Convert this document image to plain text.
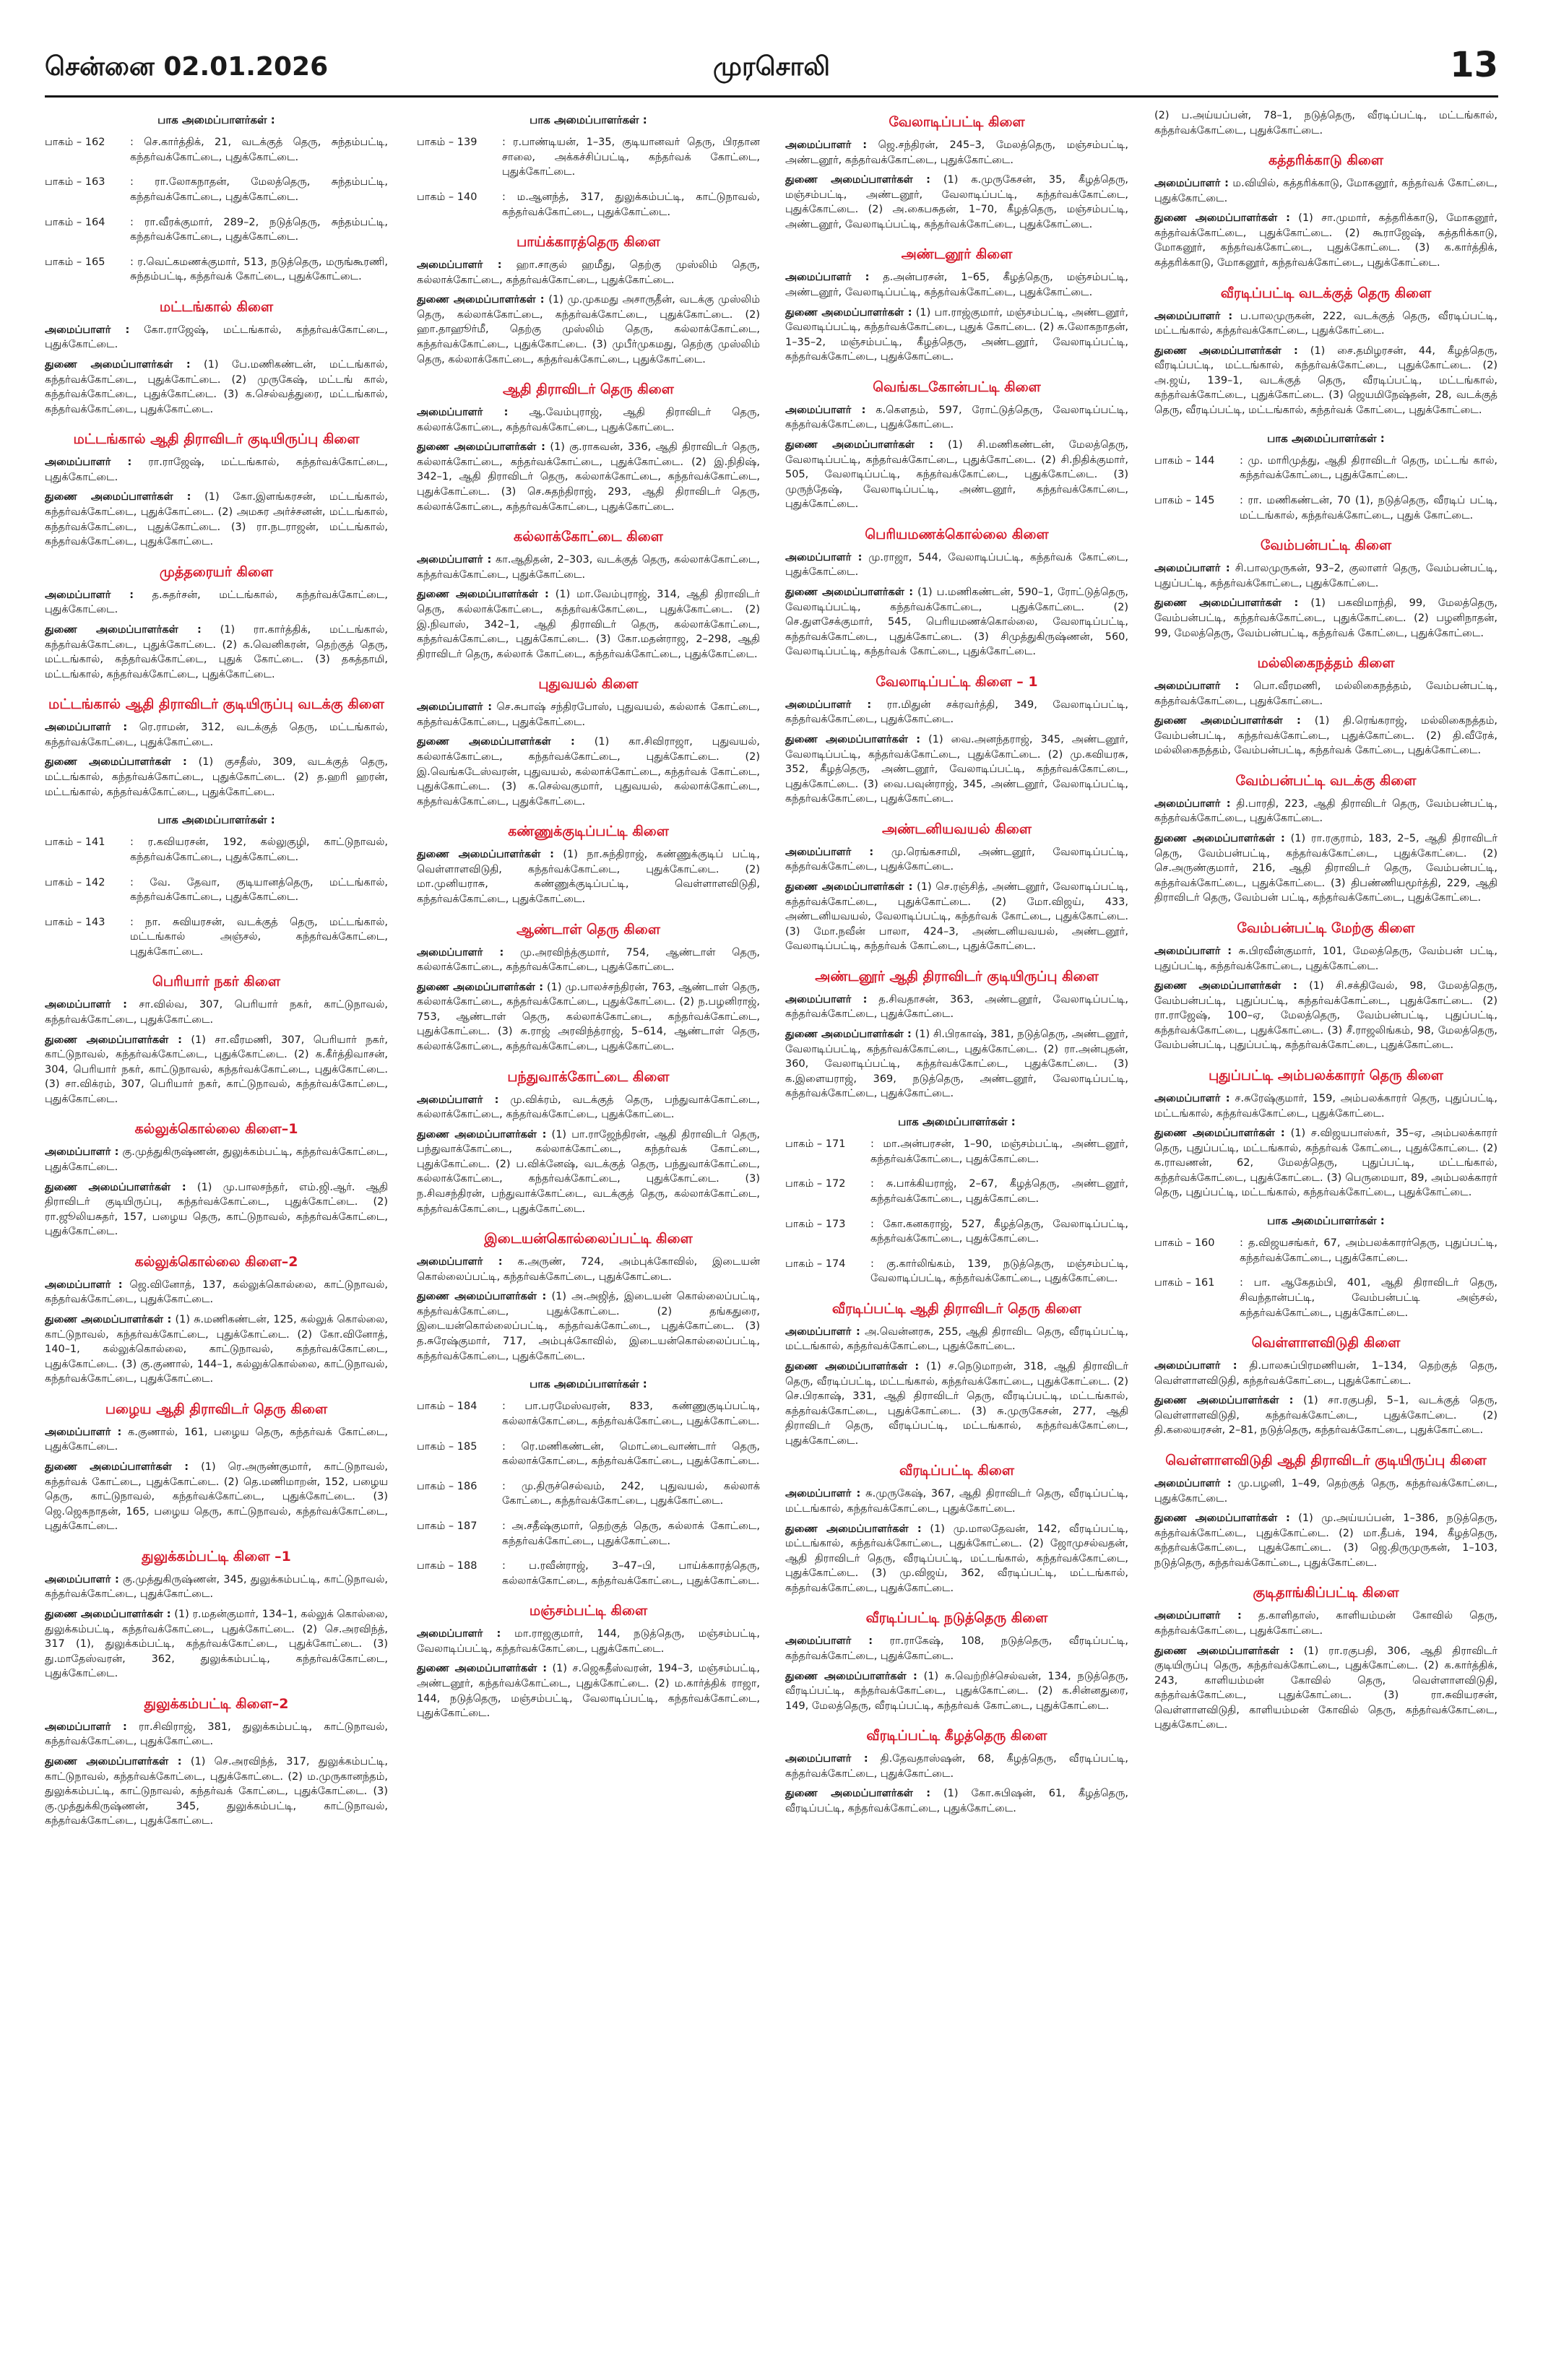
சென்னை 02.01.2026	முரசொலி	13
பாக அமைப்பாளர்கள் :
பாகம் – 162	: செ.கார்த்திக், 21, வடக்குத் தெரு, சுந்தம்பட்டி, கந்தர்வக்கோட்டை, புதுக்கோட்டை.
பாகம் – 163	: ரா.லோகநாதன், மேலத்தெரு, சுந்தம்பட்டி, கந்தர்வக்கோட்டை, புதுக்கோட்டை.
பாகம் – 164	: ரா.வீரக்குமார், 289–2, நடுத்தெரு, சுந்தம்பட்டி, கந்தர்வக்கோட்டை, புதுக்கோட்டை.
பாகம் – 165	: ர.வெட்கமணக்குமார், 513, நடுத்தெரு, மருங்கூரணி, சுந்தம்பட்டி, கந்தர்வக் கோட்டை, புதுக்கோட்டை.
மட்டங்கால் கிளை

அமைப்பாளர் : கோ.ராஜேஷ், மட்டங்கால், கந்தர்வக்கோட்டை, புதுக்கோட்டை.

துணை அமைப்பாளர்கள் : (1) பே.மணிகண்டன், மட்டங்கால், கந்தர்வக்கோட்டை, புதுக்கோட்டை. (2) முருகேஷ், மட்டங் கால், கந்தர்வக்கோட்டை, புதுக்கோட்டை. (3) க.செல்வத்துரை, மட்டங்கால், கந்தர்வக்கோட்டை, புதுக்கோட்டை.

மட்டங்கால் ஆதி திராவிடர் குடியிருப்பு கிளை

அமைப்பாளர் : ரா.ராஜேஷ், மட்டங்கால், கந்தர்வக்கோட்டை, புதுக்கோட்டை.

துணை அமைப்பாளர்கள் : (1) கோ.இளங்கரசன், மட்டங்கால், கந்தர்வக்கோட்டை, புதுக்கோட்டை. (2) அமசுர அர்ச்சனன், மட்டங்கால், கந்தர்வக்கோட்டை, புதுக்கோட்டை. (3) ரா.நடராஜன், மட்டங்கால், கந்தர்வக்கோட்டை, புதுக்கோட்டை.

முத்தரையர் கிளை

அமைப்பாளர் : த.சுதர்சன், மட்டங்கால், கந்தர்வக்கோட்டை, புதுக்கோட்டை.

துணை அமைப்பாளர்கள் : (1) ரா.கார்த்திக், மட்டங்கால், கந்தர்வக்கோட்டை, புதுக்கோட்டை. (2) க.வெனிகரன், தெற்குத் தெரு, மட்டங்கால், கந்தர்வக்கோட்டை, புதுக் கோட்டை. (3) தகத்தாமி, மட்டங்கால், கந்தர்வக்கோட்டை, புதுக்கோட்டை.

மட்டங்கால் ஆதி திராவிடர் குடியிருப்பு வடக்கு கிளை

அமைப்பாளர் : ரெ.ராமன், 312, வடக்குத் தெரு, மட்டங்கால், கந்தர்வக்கோட்டை, புதுக்கோட்டை.

துணை அமைப்பாளர்கள் : (1) குசதீஸ், 309, வடக்குத் தெரு, மட்டங்கால், கந்தர்வக்கோட்டை, புதுக்கோட்டை. (2) த.ஹரி ஹரன், மட்டங்கால், கந்தர்வக்கோட்டை, புதுக்கோட்டை.

பாக அமைப்பாளர்கள் :
பாகம் – 141	: ர.கவியரசன், 192, கல்லுகுழி, காட்டுநாவல், கந்தர்வக்கோட்டை, புதுக்கோட்டை.
பாகம் – 142	: வே. தேவா, குடியானத்தெரு, மட்டங்கால், கந்தர்வக்கோட்டை, புதுக்கோட்டை.
பாகம் – 143	: நா. சுவியரசன், வடக்குத் தெரு, மட்டங்கால், மட்டங்கால் அஞ்சல், கந்தர்வக்கோட்டை, புதுக்கோட்டை.
பெரியார் நகர் கிளை

அமைப்பாளர் : சா.வில்வ, 307, பெரியார் நகர், காட்டுநாவல், கந்தர்வக்கோட்டை, புதுக்கோட்டை.

துணை அமைப்பாளர்கள் : (1) சா.வீரமணி, 307, பெரியார் நகர், காட்டுநாவல், கந்தர்வக்கோட்டை, புதுக்கோட்டை. (2) க.கீர்த்திவாசன், 304, பெரியார் நகர், காட்டுநாவல், கந்தர்வக்கோட்டை, புதுக்கோட்டை. (3) சா.விக்ரம், 307, பெரியார் நகர், காட்டுநாவல், கந்தர்வக்கோட்டை, புதுக்கோட்டை.

கல்லுக்கொல்லை கிளை–1

அமைப்பாளர் : கு.முத்துகிருஷ்ணன், துலுக்கம்பட்டி, கந்தர்வக்கோட்டை, புதுக்கோட்டை.

துணை அமைப்பாளர்கள் : (1) மு.பாலசந்தர், எம்.ஜி.ஆர். ஆதி திராவிடர் குடியிருப்பு, கந்தர்வக்கோட்டை, புதுக்கோட்டை. (2) ரா.ஜூலியசுதர், 157, பழைய தெரு, காட்டுநாவல், கந்தர்வக்கோட்டை, புதுக்கோட்டை.

கல்லுக்கொல்லை கிளை–2

அமைப்பாளர் : ஜெ.வினோத், 137, கல்லுக்கொல்லை, காட்டுநாவல், கந்தர்வக்கோட்டை, புதுக்கோட்டை.

துணை அமைப்பாளர்கள் : (1) சு.மணிகண்டன், 125, கல்லுக் கொல்லை, காட்டுநாவல், கந்தர்வக்கோட்டை, புதுக்கோட்டை. (2) கோ.வினோத், 140–1, கல்லுக்கொல்லை, காட்டுநாவல், கந்தர்வக்கோட்டை, புதுக்கோட்டை. (3) கு.குணால், 144–1, கல்லுக்கொல்லை, காட்டுநாவல், கந்தர்வக்கோட்டை, புதுக்கோட்டை.

பழைய ஆதி திராவிடர் தெரு கிளை

அமைப்பாளர் : க.குணால், 161, பழைய தெரு, கந்தர்வக் கோட்டை, புதுக்கோட்டை.

துணை அமைப்பாளர்கள் : (1) ரெ.அருண்குமார், காட்டுநாவல், கந்தர்வக் கோட்டை, புதுக்கோட்டை. (2) தெ.மணிமாறன், 152, பழைய தெரு, காட்டுநாவல், கந்தர்வக்கோட்டை, புதுக்கோட்டை. (3) ஜெ.ஜெகநாதன், 165, பழைய தெரு, காட்டுநாவல், கந்தர்வக்கோட்டை, புதுக்கோட்டை.

துலுக்கம்பட்டி கிளை –1

அமைப்பாளர் : கு.முத்துகிருஷ்ணன், 345, துலுக்கம்பட்டி, காட்டுநாவல், கந்தர்வக்கோட்டை, புதுக்கோட்டை.

துணை அமைப்பாளர்கள் : (1) ர.மதன்குமார், 134–1, கல்லுக் கொல்லை, துலுக்கம்பட்டி, கந்தர்வக்கோட்டை, புதுக்கோட்டை. (2) செ.அரவிந்த், 317 (1), துலுக்கம்பட்டி, கந்தர்வக்கோட்டை, புதுக்கோட்டை. (3) து.மாதேஸ்வரன், 362, துலுக்கம்பட்டி, கந்தர்வக்கோட்டை, புதுக்கோட்டை.

துலுக்கம்பட்டி கிளை–2

அமைப்பாளர் : ரா.சிவிராஜ், 381, துலுக்கம்பட்டி, காட்டுநாவல், கந்தர்வக்கோட்டை, புதுக்கோட்டை.

துணை அமைப்பாளர்கள் : (1) செ.அரவிந்த், 317, துலுக்கம்பட்டி, காட்டுநாவல், கந்தர்வக்கோட்டை, புதுக்கோட்டை. (2) ம.முருகானந்தம், துலுக்கம்பட்டி, காட்டுநாவல், கந்தர்வக் கோட்டை, புதுக்கோட்டை. (3) கு.முத்துக்கிருஷ்ணன், 345, துலுக்கம்பட்டி, காட்டுநாவல், கந்தர்வக்கோட்டை, புதுக்கோட்டை.

பாக அமைப்பாளர்கள் :
பாகம் – 139	: ர.பாண்டியன், 1–35, குடியானவர் தெரு, பிரதான சாலை, அக்கச்சிப்பட்டி, கந்தர்வக் கோட்டை, புதுக்கோட்டை.
பாகம் – 140	: ம.ஆனந்த், 317, துலுக்கம்பட்டி, காட்டுநாவல், கந்தர்வக்கோட்டை, புதுக்கோட்டை.
பாய்க்காரத்தெரு கிளை

அமைப்பாளர் : ஹா.சாகுல் ஹமீது, தெற்கு முஸ்லிம் தெரு, கல்லாக்கோட்டை, கந்தர்வக்கோட்டை, புதுக்கோட்டை.

துணை அமைப்பாளர்கள் : (1) மு.முகமது அசாருதீன், வடக்கு முஸ்லிம் தெரு, கல்லாக்கோட்டை, கந்தர்வக்கோட்டை, புதுக்கோட்டை. (2) ஹா.தாஹூர்மீ, தெற்கு முஸ்லிம் தெரு, கல்லாக்கோட்டை, கந்தர்வக்கோட்டை, புதுக்கோட்டை. (3) முபீர்முகமது, தெற்கு முஸ்லிம் தெரு, கல்லாக்கோட்டை, கந்தர்வக்கோட்டை, புதுக்கோட்டை.

ஆதி திராவிடர் தெரு கிளை

அமைப்பாளர் : ஆ.வேம்புராஜ், ஆதி திராவிடர் தெரு, கல்லாக்கோட்டை, கந்தர்வக்கோட்டை, புதுக்கோட்டை.

துணை அமைப்பாளர்கள் : (1) கு.ராகவன், 336, ஆதி திராவிடர் தெரு, கல்லாக்கோட்டை, கந்தர்வக்கோட்டை, புதுக்கோட்டை. (2) இ.நிதிஷ், 342–1, ஆதி திராவிடர் தெரு, கல்லாக்கோட்டை, கந்தர்வக்கோட்டை, புதுக்கோட்டை. (3) செ.சுதந்திராஜ், 293, ஆதி திராவிடர் தெரு, கல்லாக்கோட்டை, கந்தர்வக்கோட்டை, புதுக்கோட்டை.

கல்லாக்கோட்டை கிளை

அமைப்பாளர் : கா.ஆதிதன், 2–303, வடக்குத் தெரு, கல்லாக்கோட்டை, கந்தர்வக்கோட்டை, புதுக்கோட்டை.

துணை அமைப்பாளர்கள் : (1) மா.வேம்புராஜ், 314, ஆதி திராவிடர் தெரு, கல்லாக்கோட்டை, கந்தர்வக்கோட்டை, புதுக்கோட்டை. (2) இ.நிவாஸ், 342–1, ஆதி திராவிடர் தெரு, கல்லாக்கோட்டை, கந்தர்வக்கோட்டை, புதுக்கோட்டை. (3) கோ.மதன்ராஜ, 2–298, ஆதி திராவிடர் தெரு, கல்லாக் கோட்டை, கந்தர்வக்கோட்டை, புதுக்கோட்டை.

புதுவயல் கிளை

அமைப்பாளர் : செ.சுபாஷ் சந்திரபோஸ், புதுவயல், கல்லாக் கோட்டை, கந்தர்வக்கோட்டை, புதுக்கோட்டை.

துணை அமைப்பாளர்கள் : (1) கா.சிவிராஜா, புதுவயல், கல்லாக்கோட்டை, கந்தர்வக்கோட்டை, புதுக்கோட்டை. (2) இ.வெங்கடேஸ்வரன், புதுவயல், கல்லாக்கோட்டை, கந்தர்வக் கோட்டை, புதுக்கோட்டை. (3) க.செல்வகுமார், புதுவயல், கல்லாக்கோட்டை, கந்தர்வக்கோட்டை, புதுக்கோட்டை.

கண்ணுக்குடிப்பட்டி கிளை

துணை அமைப்பாளர்கள் : (1) நா.சுந்திராஜ், கண்ணுக்குடிப் பட்டி, வெள்ளாளவிடுதி, கந்தர்வக்கோட்டை, புதுக்கோட்டை. (2) மா.முனியராசு, கண்ணுக்குடிப்பட்டி, வெள்ளாளவிடுதி, கந்தர்வக்கோட்டை, புதுக்கோட்டை.

ஆண்டாள் தெரு கிளை

அமைப்பாளர் : மு.அரவிந்த்குமார், 754, ஆண்டாள் தெரு, கல்லாக்கோட்டை, கந்தர்வக்கோட்டை, புதுக்கோட்டை.

துணை அமைப்பாளர்கள் : (1) மு.பாலச்சந்திரன், 763, ஆண்டாள் தெரு, கல்லாக்கோட்டை, கந்தர்வக்கோட்டை, புதுக்கோட்டை. (2) ந.பழனிராஜ், 753, ஆண்டாள் தெரு, கல்லாக்கோட்டை, கந்தர்வக்கோட்டை, புதுக்கோட்டை. (3) சு.ராஜ் அரவிந்த்ராஜ், 5–614, ஆண்டாள் தெரு, கல்லாக்கோட்டை, கந்தர்வக்கோட்டை, புதுக்கோட்டை.

பந்துவாக்கோட்டை கிளை

அமைப்பாளர் : மு.விக்ரம், வடக்குத் தெரு, பந்துவாக்கோட்டை, கல்லாக்கோட்டை, கந்தர்வக்கோட்டை, புதுக்கோட்டை.

துணை அமைப்பாளர்கள் : (1) பா.ராஜேந்திரன், ஆதி திராவிடர் தெரு, பந்துவாக்கோட்டை, கல்லாக்கோட்டை, கந்தர்வக் கோட்டை, புதுக்கோட்டை. (2) ப.விக்னேஷ், வடக்குத் தெரு, பந்துவாக்கோட்டை, கல்லாக்கோட்டை, கந்தர்வக்கோட்டை, புதுக்கோட்டை. (3) ந.சிவசந்திரன், பந்துவாக்கோட்டை, வடக்குத் தெரு, கல்லாக்கோட்டை, கந்தர்வக்கோட்டை, புதுக்கோட்டை.

இடையன்கொல்லைப்பட்டி கிளை

அமைப்பாளர் : க.அருண், 724, அம்புக்கோவில், இடையன் கொல்லைப்பட்டி, கந்தர்வக்கோட்டை, புதுக்கோட்டை.

துணை அமைப்பாளர்கள் : (1) அ.அஜித், இடையன் கொல்லைப்பட்டி, கந்தர்வக்கோட்டை, புதுக்கோட்டை. (2) தங்கதுரை, இடையன்கொல்லைப்பட்டி, கந்தர்வக்கோட்டை, புதுக்கோட்டை. (3) த.சுரேஷ்குமார், 717, அம்புக்கோவில், இடையன்கொல்லைப்பட்டி, கந்தர்வக்கோட்டை, புதுக்கோட்டை.

பாக அமைப்பாளர்கள் :
பாகம் – 184	: பா.பரமேஸ்வரன், 833, கண்ணுகுடிப்பட்டி, கல்லாக்கோட்டை, கந்தர்வக்கோட்டை, புதுக்கோட்டை.
பாகம் – 185	: ரெ.மணிகண்டன், மொட்டைவாண்டார் தெரு, கல்லாக்கோட்டை, கந்தர்வக்கோட்டை, புதுக்கோட்டை.
பாகம் – 186	: மு.திருச்செல்வம், 242, புதுவயல், கல்லாக் கோட்டை, கந்தர்வக்கோட்டை, புதுக்கோட்டை.
பாகம் – 187	: அ.சதீஷ்குமார், தெற்குத் தெரு, கல்லாக் கோட்டை, கந்தர்வக்கோட்டை, புதுக்கோட்டை.
பாகம் – 188	: ப.ரவீன்ராஜ், 3–47–பி, பாய்க்காரத்தெரு, கல்லாக்கோட்டை, கந்தர்வக்கோட்டை, புதுக்கோட்டை.
மஞ்சம்பட்டி கிளை

அமைப்பாளர் : மா.ராஜகுமார், 144, நடுத்தெரு, மஞ்சம்பட்டி, வேலாடிப்பட்டி, கந்தர்வக்கோட்டை, புதுக்கோட்டை.

துணை அமைப்பாளர்கள் : (1) ச.ஜெகதீஸ்வரன், 194–3, மஞ்சம்பட்டி, அண்டனூர், கந்தர்வக்கோட்டை, புதுக்கோட்டை. (2) ம.கார்த்திக் ராஜா, 144, நடுத்தெரு, மஞ்சம்பட்டி, வேலாடிப்பட்டி, கந்தர்வக்கோட்டை, புதுக்கோட்டை.

வேலாடிப்பட்டி கிளை

அமைப்பாளர் : ஜெ.சந்திரன், 245–3, மேலத்தெரு, மஞ்சம்பட்டி, அண்டனூர், கந்தர்வக்கோட்டை, புதுக்கோட்டை.

துணை அமைப்பாளர்கள் : (1) க.முருகேசன், 35, கீழத்தெரு, மஞ்சம்பட்டி, அண்டனூர், வேலாடிப்பட்டி, கந்தர்வக்கோட்டை, புதுக்கோட்டை. (2) அ.கைபசுதன், 1–70, கீழத்தெரு, மஞ்சம்பட்டி, அண்டனூர், வேலாடிப்பட்டி, கந்தர்வக்கோட்டை, புதுக்கோட்டை.

அண்டனூர் கிளை

அமைப்பாளர் : த.அன்பரசன், 1–65, கீழத்தெரு, மஞ்சம்பட்டி, அண்டனூர், வேலாடிப்பட்டி, கந்தர்வக்கோட்டை, புதுக்கோட்டை.

துணை அமைப்பாளர்கள் : (1) பா.ராஜ்குமார், மஞ்சம்பட்டி, அண்டனூர், வேலாடிப்பட்டி, கந்தர்வக்கோட்டை, புதுக் கோட்டை. (2) சு.லோகநாதன், 1–35–2, மஞ்சம்பட்டி, கீழத்தெரு, அண்டனூர், வேலாடிப்பட்டி, கந்தர்வக்கோட்டை, புதுக்கோட்டை.

வெங்கடகோன்பட்டி கிளை

அமைப்பாளர் : க.கௌதம், 597, ரோட்டுத்தெரு, வேலாடிப்பட்டி, கந்தர்வக்கோட்டை, புதுக்கோட்டை.

துணை அமைப்பாளர்கள் : (1) சி.மணிகண்டன், மேலத்தெரு, வேலாடிப்பட்டி, கந்தர்வக்கோட்டை, புதுக்கோட்டை. (2) சி.நிதிக்குமார், 505, வேலாடிப்பட்டி, கந்தர்வக்கோட்டை, புதுக்கோட்டை. (3) முருந்தேஷ், வேலாடிப்பட்டி, அண்டனூர், கந்தர்வக்கோட்டை, புதுக்கோட்டை.

பெரியமணக்கொல்லை கிளை

அமைப்பாளர் : மு.ராஜா, 544, வேலாடிப்பட்டி, கந்தர்வக் கோட்டை, புதுக்கோட்டை.

துணை அமைப்பாளர்கள் : (1) ப.மணிகண்டன், 590–1, ரோட்டுத்தெரு, வேலாடிப்பட்டி, கந்தர்வக்கோட்டை, புதுக்கோட்டை. (2) செ.துளசேக்குமார், 545, பெரியமணக்கொல்லை, வேலாடிப்பட்டி, கந்தர்வக்கோட்டை, புதுக்கோட்டை. (3) சிமுத்துகிருஷ்ணன், 560, வேலாடிப்பட்டி, கந்தர்வக் கோட்டை, புதுக்கோட்டை.

வேலாடிப்பட்டி கிளை – 1

அமைப்பாளர் : ரா.மிதுன் சக்ரவர்த்தி, 349, வேலாடிப்பட்டி, கந்தர்வக்கோட்டை, புதுக்கோட்டை.

துணை அமைப்பாளர்கள் : (1) வை.அனந்தராஜ், 345, அண்டனூர், வேலாடிப்பட்டி, கந்தர்வக்கோட்டை, புதுக்கோட்டை. (2) மு.கவியரசு, 352, கீழத்தெரு, அண்டனூர், வேலாடிப்பட்டி, கந்தர்வக்கோட்டை, புதுக்கோட்டை. (3) வை.பவுன்ராஜ், 345, அண்டனூர், வேலாடிப்பட்டி, கந்தர்வக்கோட்டை, புதுக்கோட்டை.

அண்டனியவயல் கிளை

அமைப்பாளர் : மு.ரெங்கசாமி, அண்டனூர், வேலாடிப்பட்டி, கந்தர்வக்கோட்டை, புதுக்கோட்டை.

துணை அமைப்பாளர்கள் : (1) செ.ரஞ்சித், அண்டனூர், வேலாடிப்பட்டி, கந்தர்வக்கோட்டை, புதுக்கோட்டை. (2) மோ.விஜய், 433, அண்டனியவயல், வேலாடிப்பட்டி, கந்தர்வக் கோட்டை, புதுக்கோட்டை. (3) மோ.நவீன் பாலா, 424–3, அண்டனியவயல், அண்டனூர், வேலாடிப்பட்டி, கந்தர்வக் கோட்டை, புதுக்கோட்டை.

அண்டனூர் ஆதி திராவிடர் குடியிருப்பு கிளை

அமைப்பாளர் : த.சிவதாசன், 363, அண்டனூர், வேலாடிப்பட்டி, கந்தர்வக்கோட்டை, புதுக்கோட்டை.

துணை அமைப்பாளர்கள் : (1) சி.பிரகாஷ், 381, நடுத்தெரு, அண்டனூர், வேலாடிப்பட்டி, கந்தர்வக்கோட்டை, புதுக்கோட்டை. (2) ரா.அன்புதன், 360, வேலாடிப்பட்டி, கந்தர்வக்கோட்டை, புதுக்கோட்டை. (3) க.இளையராஜ், 369, நடுத்தெரு, அண்டனூர், வேலாடிப்பட்டி, கந்தர்வக்கோட்டை, புதுக்கோட்டை.

பாக அமைப்பாளர்கள் :
பாகம் – 171	: மா.அன்பரசன், 1–90, மஞ்சம்பட்டி, அண்டனூர், கந்தர்வக்கோட்டை, புதுக்கோட்டை.
பாகம் – 172	: சு.பாக்கியராஜ், 2–67, கீழத்தெரு, அண்டனூர், கந்தர்வக்கோட்டை, புதுக்கோட்டை.
பாகம் – 173	: கோ.கனகராஜ், 527, கீழத்தெரு, வேலாடிப்பட்டி, கந்தர்வக்கோட்டை, புதுக்கோட்டை.
பாகம் – 174	: கு.கார்லிங்கம், 139, நடுத்தெரு, மஞ்சம்பட்டி, வேலாடிப்பட்டி, கந்தர்வக்கோட்டை, புதுக்கோட்டை.
வீரடிப்பட்டி ஆதி திராவிடர் தெரு கிளை

அமைப்பாளர் : அ.வென்னரசு, 255, ஆதி திராவிட தெரு, வீரடிப்பட்டி, மட்டங்கால், கந்தர்வக்கோட்டை, புதுக்கோட்டை.

துணை அமைப்பாளர்கள் : (1) ச.நெடுமாறன், 318, ஆதி திராவிடர் தெரு, வீரடிப்பட்டி, மட்டங்கால், கந்தர்வக்கோட்டை, புதுக்கோட்டை. (2) செ.பிரகாஷ், 331, ஆதி திராவிடர் தெரு, வீரடிப்பட்டி, மட்டங்கால், கந்தர்வக்கோட்டை, புதுக்கோட்டை. (3) சு.முருகேசன், 277, ஆதி திராவிடர் தெரு, வீரடிப்பட்டி, மட்டங்கால், கந்தர்வக்கோட்டை, புதுக்கோட்டை.

வீரடிப்பட்டி கிளை

அமைப்பாளர் : சு.முருகேஷ், 367, ஆதி திராவிடர் தெரு, வீரடிப்பட்டி, மட்டங்கால், கந்தர்வக்கோட்டை, புதுக்கோட்டை.

துணை அமைப்பாளர்கள் : (1) மு.மாலதேவன், 142, வீரடிப்பட்டி, மட்டங்கால், கந்தர்வக்கோட்டை, புதுக்கோட்டை. (2) ஜோமுசல்வதன், ஆதி திராவிடர் தெரு, வீரடிப்பட்டி, மட்டங்கால், கந்தர்வக்கோட்டை, புதுக்கோட்டை. (3) மு.விஜய், 362, வீரடிப்பட்டி, மட்டங்கால், கந்தர்வக்கோட்டை, புதுக்கோட்டை.

வீரடிப்பட்டி நடுத்தெரு கிளை

அமைப்பாளர் : ரா.ராகேஷ், 108, நடுத்தெரு, வீரடிப்பட்டி, கந்தர்வக்கோட்டை, புதுக்கோட்டை.

துணை அமைப்பாளர்கள் : (1) சு.வெற்றிச்செல்வன், 134, நடுத்தெரு, வீரடிப்பட்டி, கந்தர்வக்கோட்டை, புதுக்கோட்டை. (2) க.சின்னதுரை, 149, மேலத்தெரு, வீரடிப்பட்டி, கந்தர்வக் கோட்டை, புதுக்கோட்டை.

வீரடிப்பட்டி கீழத்தெரு கிளை

அமைப்பாளர் : தி.தேவதாஸ்ஷன், 68, கீழத்தெரு, வீரடிப்பட்டி, கந்தர்வக்கோட்டை, புதுக்கோட்டை.

துணை அமைப்பாளர்கள் : (1) கோ.சுபிஷன், 61, கீழத்தெரு, வீரடிப்பட்டி, கந்தர்வக்கோட்டை, புதுக்கோட்டை.

(2) ப.அய்யப்பன், 78–1, நடுத்தெரு, வீரடிப்பட்டி, மட்டங்கால், கந்தர்வக்கோட்டை, புதுக்கோட்டை.

கத்தரிக்காடு கிளை

அமைப்பாளர் : ம.வியில், கத்தரிக்காடு, மோகனூர், கந்தர்வக் கோட்டை, புதுக்கோட்டை.

துணை அமைப்பாளர்கள் : (1) சா.முமார், கத்தரிக்காடு, மோகனூர், கந்தர்வக்கோட்டை, புதுக்கோட்டை. (2) கூராஜேஷ், கத்தரிக்காடு, மோகனூர், கந்தர்வக்கோட்டை, புதுக்கோட்டை. (3) க.கார்த்திக், கத்தரிக்காடு, மோகனூர், கந்தர்வக்கோட்டை, புதுக்கோட்டை.

வீரடிப்பட்டி வடக்குத் தெரு கிளை

அமைப்பாளர் : ப.பாலமுருகன், 222, வடக்குத் தெரு, வீரடிப்பட்டி, மட்டங்கால், கந்தர்வக்கோட்டை, புதுக்கோட்டை.

துணை அமைப்பாளர்கள் : (1) சை.தமிழரசன், 44, கீழத்தெரு, வீரடிப்பட்டி, மட்டங்கால், கந்தர்வக்கோட்டை, புதுக்கோட்டை. (2) அ.ஜய், 139–1, வடக்குத் தெரு, வீரடிப்பட்டி, மட்டங்கால், கந்தர்வக்கோட்டை, புதுக்கோட்டை. (3) ஜெயமிநேஷ்தன், 28, வடக்குத் தெரு, வீரடிப்பட்டி, மட்டங்கால், கந்தர்வக் கோட்டை, புதுக்கோட்டை.

பாக அமைப்பாளர்கள் :
பாகம் – 144	: மு. மாரிமுத்து, ஆதி திராவிடர் தெரு, மட்டங் கால், கந்தர்வக்கோட்டை, புதுக்கோட்டை.
பாகம் – 145	: ரா. மணிகண்டன், 70 (1), நடுத்தெரு, வீரடிப் பட்டி, மட்டங்கால், கந்தர்வக்கோட்டை, புதுக் கோட்டை.
வேம்பன்பட்டி கிளை

அமைப்பாளர் : சி.பாலமுருகன், 93–2, குலாளர் தெரு, வேம்பன்பட்டி, புதுப்பட்டி, கந்தர்வக்கோட்டை, புதுக்கோட்டை.

துணை அமைப்பாளர்கள் : (1) பகவிமாந்தி, 99, மேலத்தெரு, வேம்பன்பட்டி, கந்தர்வக்கோட்டை, புதுக்கோட்டை. (2) பழனிநாதன், 99, மேலத்தெரு, வேம்பன்பட்டி, கந்தர்வக் கோட்டை, புதுக்கோட்டை.

மல்லிகைநத்தம் கிளை

அமைப்பாளர் : பொ.வீரமணி, மல்லிகைநத்தம், வேம்பன்பட்டி, கந்தர்வக்கோட்டை, புதுக்கோட்டை.

துணை அமைப்பாளர்கள் : (1) தி.ரெங்கராஜ், மல்லிகைநத்தம், வேம்பன்பட்டி, கந்தர்வக்கோட்டை, புதுக்கோட்டை. (2) தி.வீரேக், மல்லிகைநத்தம், வேம்பன்பட்டி, கந்தர்வக் கோட்டை, புதுக்கோட்டை.

வேம்பன்பட்டி வடக்கு கிளை

அமைப்பாளர் : தி.பாரதி, 223, ஆதி திராவிடர் தெரு, வேம்பன்பட்டி, கந்தர்வக்கோட்டை, புதுக்கோட்டை.

துணை அமைப்பாளர்கள் : (1) ரா.ரகுராம், 183, 2–5, ஆதி திராவிடர் தெரு, வேம்பன்பட்டி, கந்தர்வக்கோட்டை, புதுக்கோட்டை. (2) செ.அருண்குமார், 216, ஆதி திராவிடர் தெரு, வேம்பன்பட்டி, கந்தர்வக்கோட்டை, புதுக்கோட்டை. (3) திபண்ணியமூர்த்தி, 229, ஆதி திராவிடர் தெரு, வேம்பன் பட்டி, கந்தர்வக்கோட்டை, புதுக்கோட்டை.

வேம்பன்பட்டி மேற்கு கிளை

அமைப்பாளர் : சு.பிரவீன்குமார், 101, மேலத்தெரு, வேம்பன் பட்டி, புதுப்பட்டி, கந்தர்வக்கோட்டை, புதுக்கோட்டை.

துணை அமைப்பாளர்கள் : (1) சி.சக்திவேல், 98, மேலத்தெரு, வேம்பன்பட்டி, புதுப்பட்டி, கந்தர்வக்கோட்டை, புதுக்கோட்டை. (2) ரா.ராஜேஷ், 100–ஏ, மேலத்தெரு, வேம்பன்பட்டி, புதுப்பட்டி, கந்தர்வக்கோட்டை, புதுக்கோட்டை. (3) சீ.ராஜலிங்கம், 98, மேலத்தெரு, வேம்பன்பட்டி, புதுப்பட்டி, கந்தர்வக்கோட்டை, புதுக்கோட்டை.

புதுப்பட்டி அம்பலக்காரர் தெரு கிளை

அமைப்பாளர் : ச.சுரேஷ்குமார், 159, அம்பலக்காரர் தெரு, புதுப்பட்டி, மட்டங்கால், கந்தர்வக்கோட்டை, புதுக்கோட்டை.

துணை அமைப்பாளர்கள் : (1) ச.விஜயபாஸ்கர், 35–ஏ, அம்பலக்காரர் தெரு, புதுப்பட்டி, மட்டங்கால், கந்தர்வக் கோட்டை, புதுக்கோட்டை. (2) க.ராவணன், 62, மேலத்தெரு, புதுப்பட்டி, மட்டங்கால், கந்தர்வக்கோட்டை, புதுக்கோட்டை. (3) பெருமையா, 89, அம்பலக்காரர் தெரு, புதுப்பட்டி, மட்டங்கால், கந்தர்வக்கோட்டை, புதுக்கோட்டை.

பாக அமைப்பாளர்கள் :
பாகம் – 160	: த.விஜயசங்கர், 67, அம்பலக்காரர்தெரு, புதுப்பட்டி, கந்தர்வக்கோட்டை, புதுக்கோட்டை.
பாகம் – 161	: பா. ஆகேதம்பி, 401, ஆதி திராவிடர் தெரு, சிவந்தான்பட்டி, வேம்பன்பட்டி அஞ்சல், கந்தர்வக்கோட்டை, புதுக்கோட்டை.
வெள்ளாளவிடுதி கிளை

அமைப்பாளர் : தி.பாலசுப்பிரமணியன், 1–134, தெற்குத் தெரு, வெள்ளாளவிடுதி, கந்தர்வக்கோட்டை, புதுக்கோட்டை.

துணை அமைப்பாளர்கள் : (1) சா.ரகுபதி, 5–1, வடக்குத் தெரு, வெள்ளாளவிடுதி, கந்தர்வக்கோட்டை, புதுக்கோட்டை. (2) தி.கலையரசன், 2–81, நடுத்தெரு, கந்தர்வக்கோட்டை, புதுக்கோட்டை.

வெள்ளாளவிடுதி ஆதி திராவிடர் குடியிருப்பு கிளை

அமைப்பாளர் : மு.பழனி, 1–49, தெற்குத் தெரு, கந்தர்வக்கோட்டை, புதுக்கோட்டை.

துணை அமைப்பாளர்கள் : (1) மு.அய்யப்பன், 1–386, நடுத்தெரு, கந்தர்வக்கோட்டை, புதுக்கோட்டை. (2) மா.தீபக், 194, கீழத்தெரு, கந்தர்வக்கோட்டை, புதுக்கோட்டை. (3) ஜெ.திருமுருகன், 1–103, நடுத்தெரு, கந்தர்வக்கோட்டை, புதுக்கோட்டை.

குடிதாங்கிப்பட்டி கிளை

அமைப்பாளர் : த.காளிதாஸ், காளியம்மன் கோவில் தெரு, கந்தர்வக்கோட்டை, புதுக்கோட்டை.

துணை அமைப்பாளர்கள் : (1) ரா.ரகுபதி, 306, ஆதி திராவிடர் குடியிருப்பு தெரு, கந்தர்வக்கோட்டை, புதுக்கோட்டை. (2) க.கார்த்திக், 243, காளியம்மன் கோவில் தெரு, வெள்ளாளவிடுதி, கந்தர்வக்கோட்டை, புதுக்கோட்டை. (3) ரா.சுவியரசன், வெள்ளாளவிடுதி, காளியம்மன் கோவில் தெரு, கந்தர்வக்கோட்டை, புதுக்கோட்டை.
